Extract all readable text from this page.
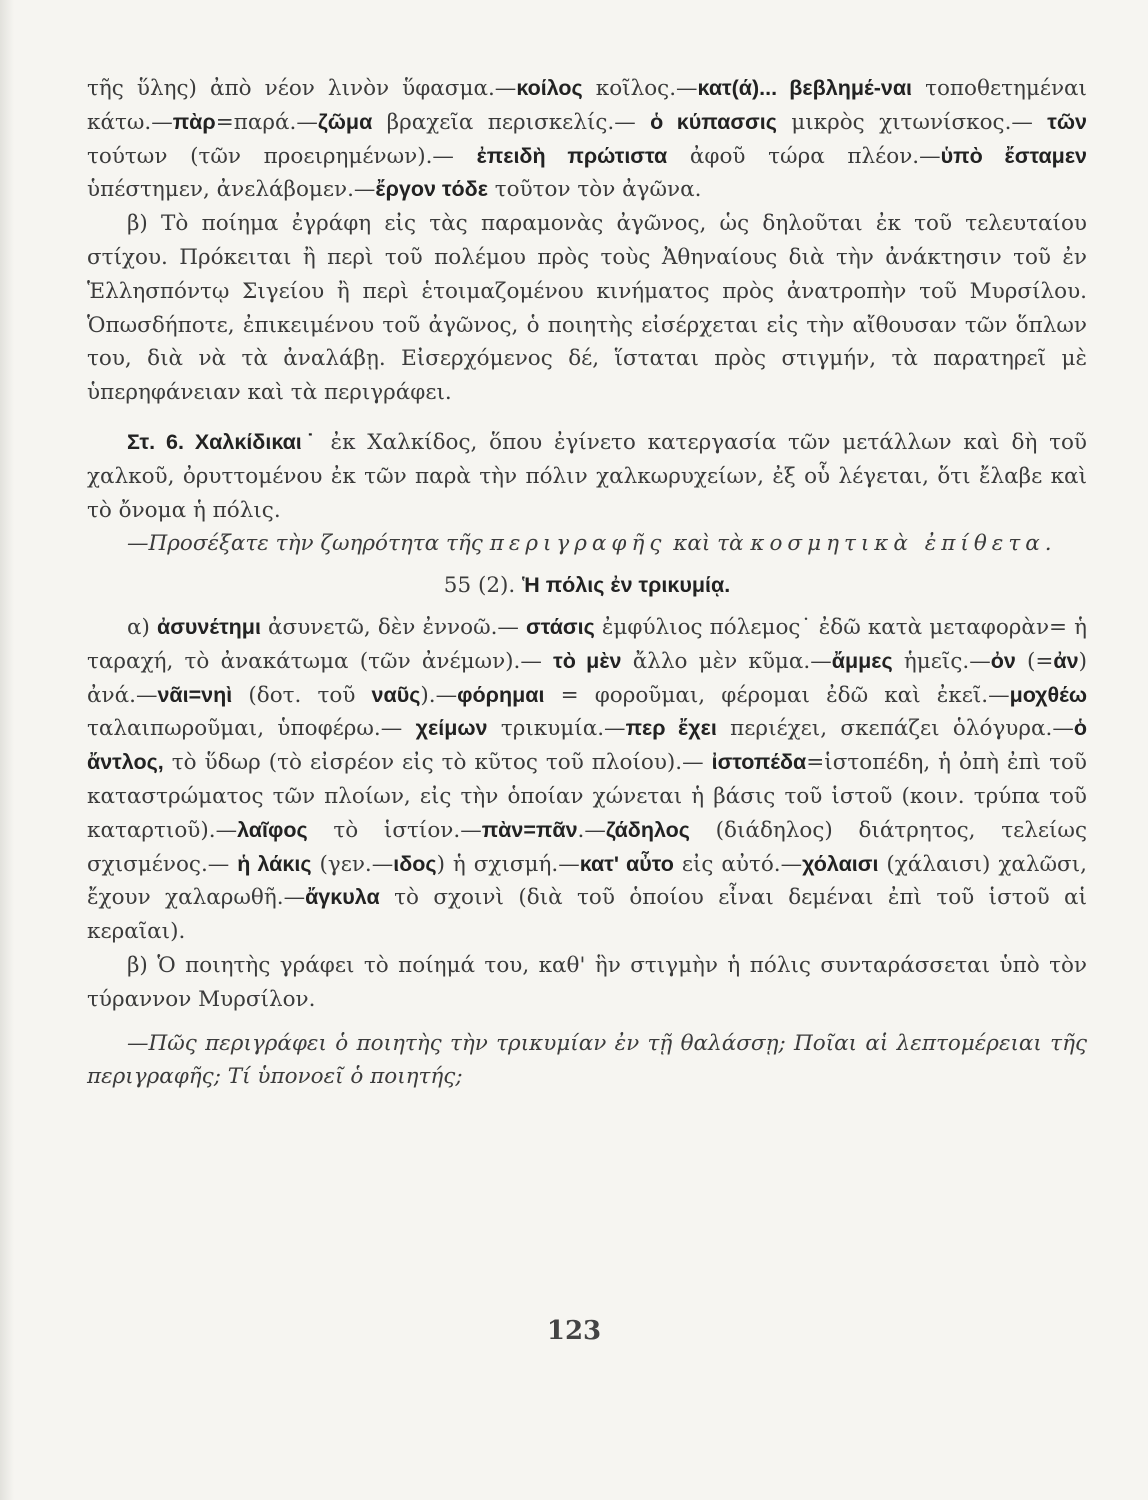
τῆς ὕλης) ἀπὸ νέον λινὸν ὕφασμα.—κοίλος κοῖλος.—κατ(ά)... βεβλημέ-ναι τοποθετημέναι κάτω.—πὰρ=παρά.—ζῶμα βραχεῖα περισκελίς.— ὁ κύπασσις μικρὸς χιτωνίσκος.— τῶν τούτων (τῶν προειρημένων).— ἐπειδὴ πρώτιστα ἀφοῦ τώρα πλέον.—ὑπὸ ἔσταμεν ὑπέστημεν, ἀνελάβομεν.—ἔργον τόδε τοῦτον τὸν ἀγῶνα.

β) Τὸ ποίημα ἐγράφη εἰς τὰς παραμονὰς ἀγῶνος, ὡς δηλοῦται ἐκ τοῦ τελευταίου στίχου. Πρόκειται ἢ περὶ τοῦ πολέμου πρὸς τοὺς Ἀθηναίους διὰ τὴν ἀνάκτησιν τοῦ ἐν Ἑλλησπόντῳ Σιγείου ἢ περὶ ἑτοιμαζομένου κινήματος πρὸς ἀνατροπὴν τοῦ Μυρσίλου. Ὁπωσδήποτε, ἐπικειμένου τοῦ ἀγῶνος, ὁ ποιητὴς εἰσέρχεται εἰς τὴν αἴθουσαν τῶν ὅπλων του, διὰ νὰ τὰ ἀναλάβῃ. Εἰσερχόμενος δέ, ἵσταται πρὸς στιγμήν, τὰ παρατηρεῖ μὲ ὑπερηφάνειαν καὶ τὰ περιγράφει.

Στ. 6. Χαλκίδικαι˙ ἐκ Χαλκίδος, ὅπου ἐγίνετο κατεργασία τῶν μετάλλων καὶ δὴ τοῦ χαλκοῦ, ὀρυττομένου ἐκ τῶν παρὰ τὴν πόλιν χαλκωρυχείων, ἐξ οὗ λέγεται, ὅτι ἔλαβε καὶ τὸ ὄνομα ἡ πόλις.

—Προσέξατε τὴν ζωηρότητα τῆς περιγραφῆς καὶ τὰ κοσμητικὰ ἐπίθετα.

55 (2). Ἡ πόλις ἐν τρικυμίᾳ.

α) ἀσυνέτημι ἀσυνετῶ, δὲν ἐννοῶ.— στάσις ἐμφύλιος πόλεμος˙ ἐδῶ κατὰ μεταφορὰν= ἡ ταραχή, τὸ ἀνακάτωμα (τῶν ἀνέμων).— τὸ μὲν ἄλλο μὲν κῦμα.—ἄμμες ἡμεῖς.—ὀν (=ἀν) ἀνά.—νᾶι=νηὶ (δοτ. τοῦ ναῦς).—φόρημαι = φοροῦμαι, φέρομαι ἐδῶ καὶ ἐκεῖ.—μοχθέω ταλαιπωροῦμαι, ὑποφέρω.— χείμων τρικυμία.—περ ἔχει περιέχει, σκεπάζει ὁλόγυρα.—ὁ ἄντλος, τὸ ὕδωρ (τὸ εἰσρέον εἰς τὸ κῦτος τοῦ πλοίου).— ἰστοπέδα=ἱστοπέδη, ἡ ὀπὴ ἐπὶ τοῦ καταστρώματος τῶν πλοίων, εἰς τὴν ὁποίαν χώνεται ἡ βάσις τοῦ ἱστοῦ (κοιν. τρύπα τοῦ καταρτιοῦ).—λαῖφος τὸ ἱστίον.—πὰν=πᾶν.—ζάδηλος (διάδηλος) διάτρητος, τελείως σχισμένος.— ἡ λάκις (γεν.—ιδος) ἡ σχισμή.—κατ' αὖτο εἰς αὐτό.—χόλαισι (χάλαισι) χαλῶσι, ἔχουν χαλαρωθῆ.—ἄγκυλα τὸ σχοινὶ (διὰ τοῦ ὁποίου εἶναι δεμέναι ἐπὶ τοῦ ἱστοῦ αἱ κεραῖαι).

β) Ὁ ποιητὴς γράφει τὸ ποίημά του, καθ' ἣν στιγμὴν ἡ πόλις συνταράσσεται ὑπὸ τὸν τύραννον Μυρσίλον.

—Πῶς περιγράφει ὁ ποιητὴς τὴν τρικυμίαν ἐν τῇ θαλάσσῃ; Ποῖαι αἱ λεπτομέρειαι τῆς περιγραφῆς; Τί ὑπονοεῖ ὁ ποιητής;

123
